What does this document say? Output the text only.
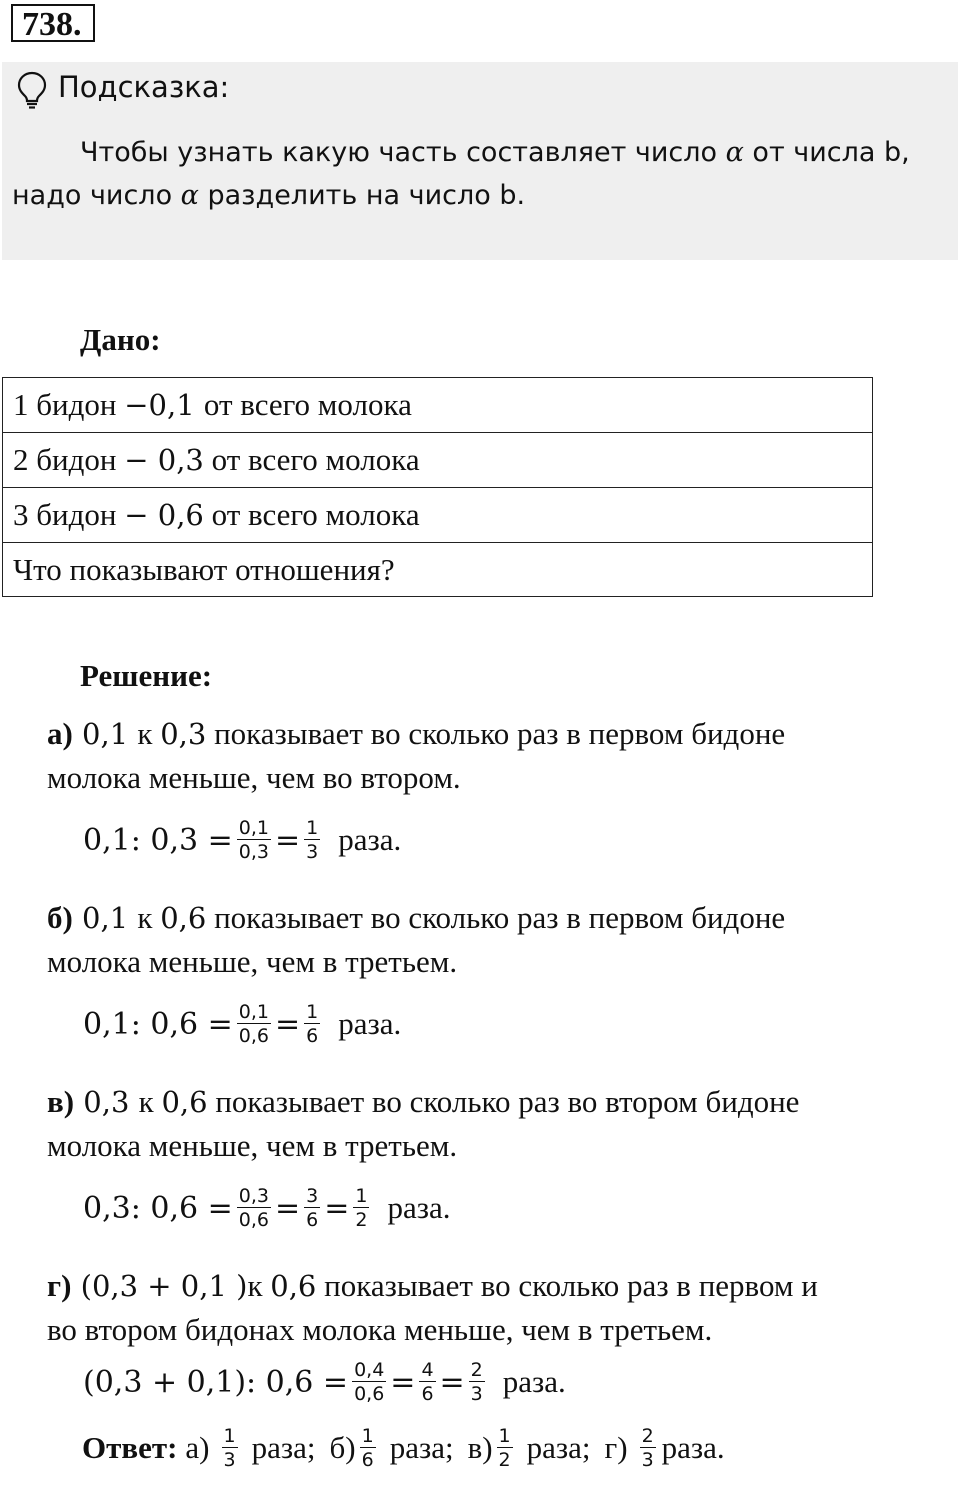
738.
Подсказка:
Чтобы узнать какую часть составляет число α от числа b,
надо число α разделить на число b.
Дано:
1 бидон −0,1 от всего молока
2 бидон − 0,3 от всего молока
3 бидон − 0,6 от всего молока
Что показывают отношения?
Решение:
а) 0,1 к 0,3 показывает во сколько раз в первом бидоне
молока меньше, чем во втором.
0,1: $0,3 = \frac{0,1}{0,3} = \frac{1}{3}$ раза.
б) 0,1 к 0,6 показывает во сколько раз в первом бидоне
молока меньше, чем в третьем.
0,1: $0,6 = \frac{0,1}{0,6} = \frac{1}{6}$ раза.
в) 0,3 к 0,6 показывает во сколько раз во втором бидоне
молока меньше, чем в третьем.
0,3: $0,6 = \frac{0,3}{0,6} = \frac{3}{6} = \frac{1}{2}$ раза.
г) (0,3 + 0,1 )к 0,6 показывает во сколько раз в первом и
во втором бидонах молока меньше, чем в третьем.
(0,3 + 0,1): $0,6 = \frac{0,4}{0,6} = \frac{4}{6} = \frac{2}{3}$ раза.
Ответ: $а) \frac{1}{3}$ раза; $б) \frac{1}{6}$ раза; $в) \frac{1}{2}$ раза; $г) \frac{2}{3}$ раза.
